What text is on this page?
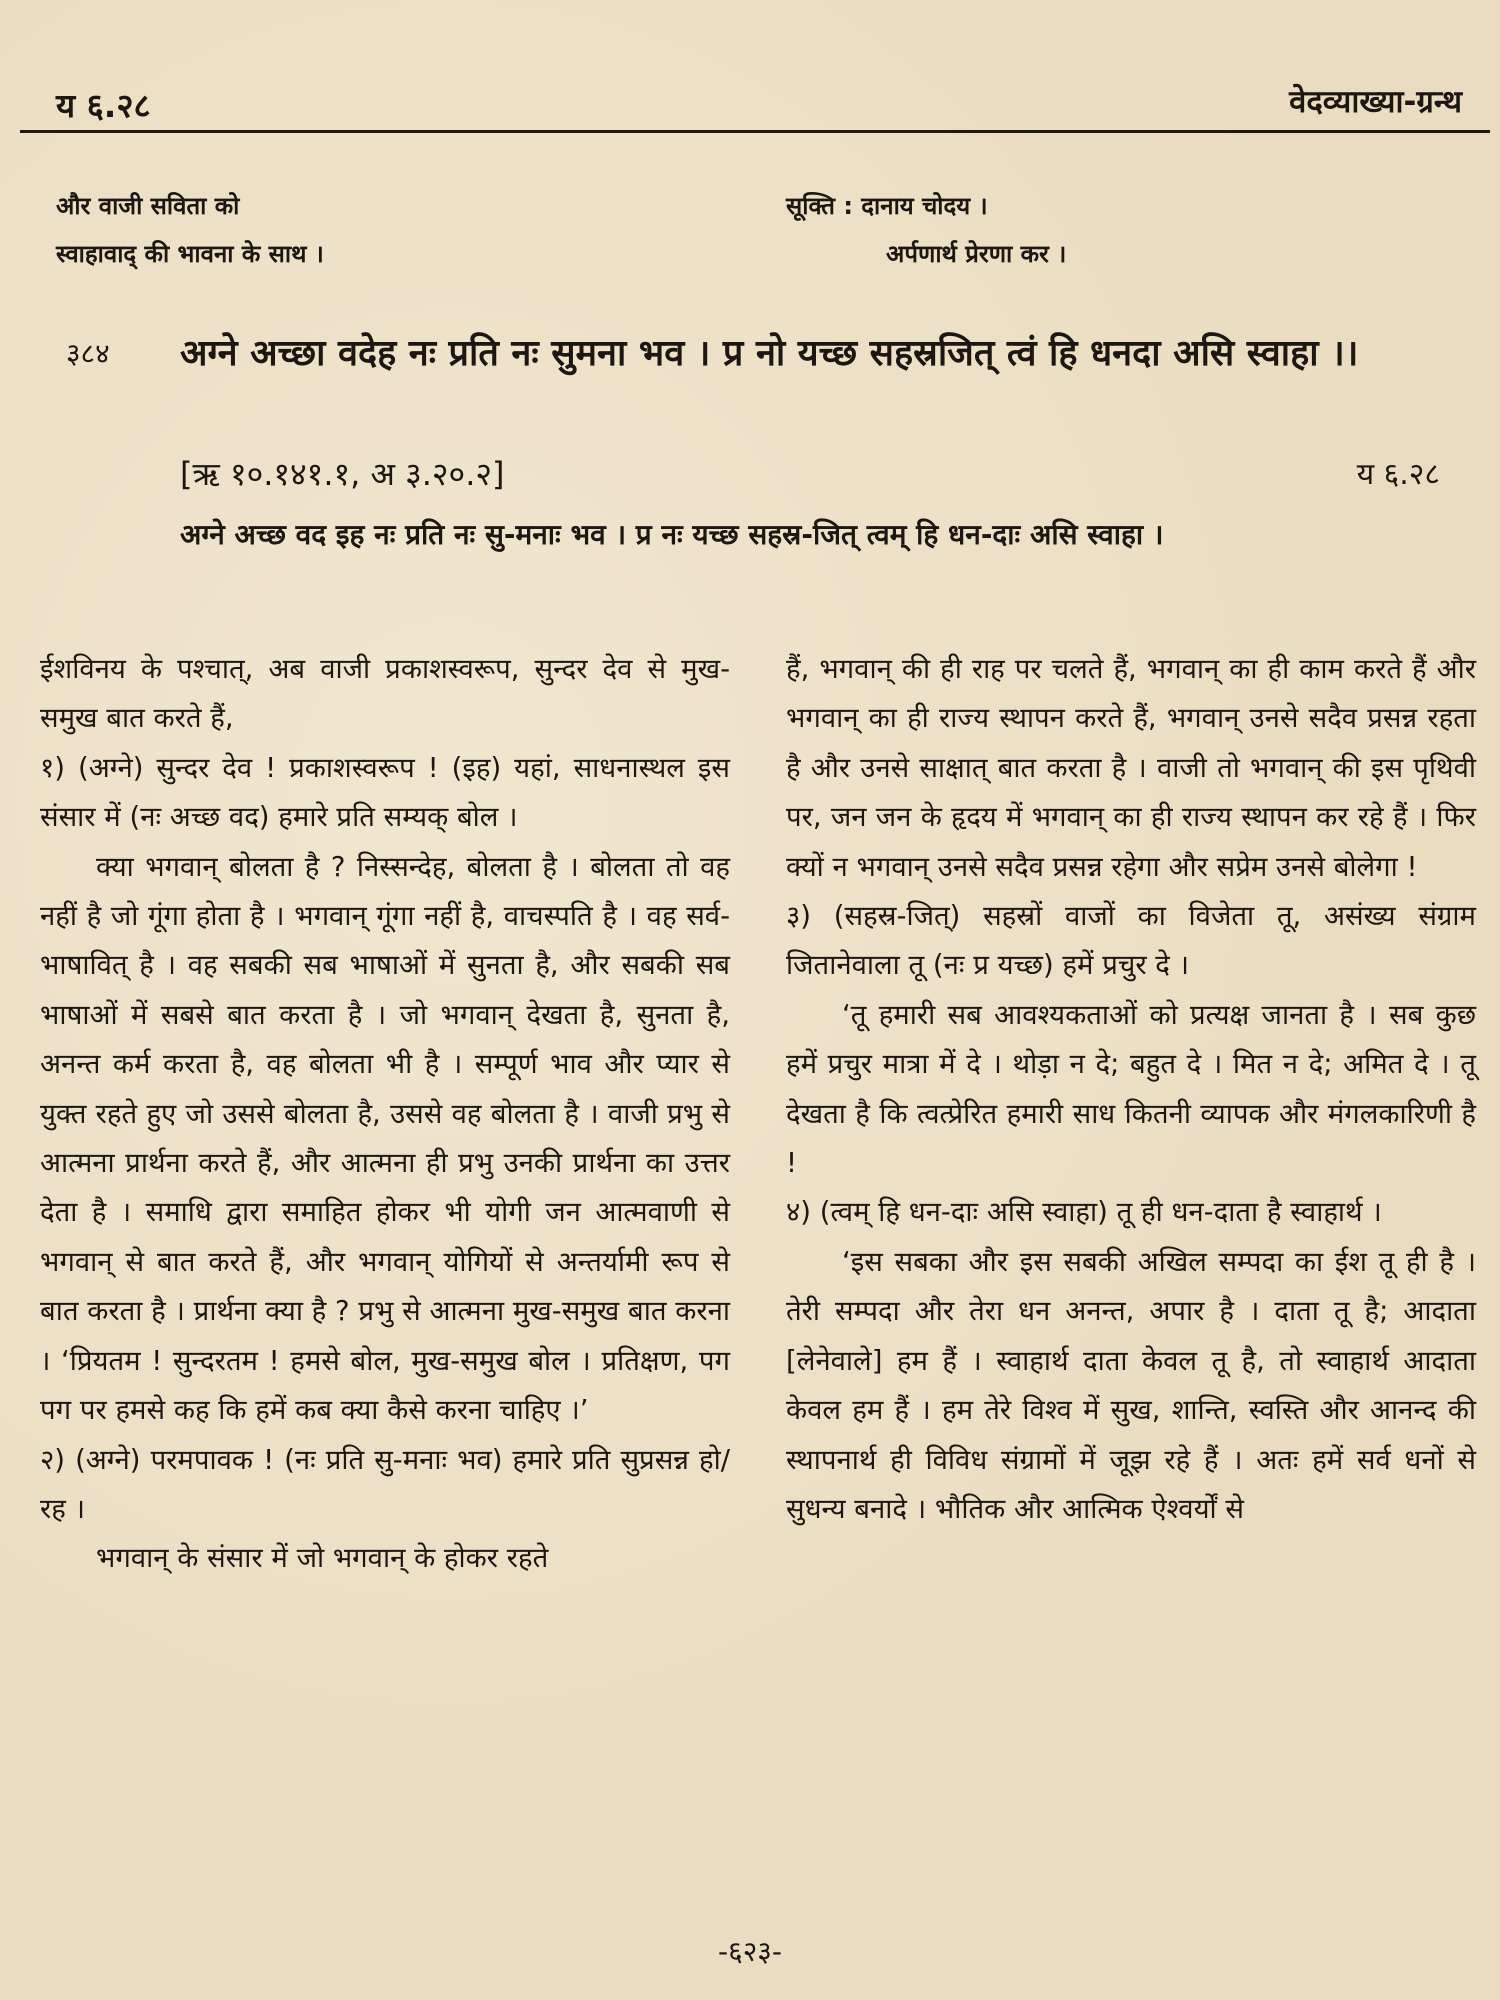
य ६.२८	वेदव्याख्या-ग्रन्थ
और वाजी सविता को
स्वाहावाद् की भावना के साथ ।
सूक्ति : दानाय चोदय ।
अर्पणार्थ प्रेरणा कर ।
३८४ अग्ने अच्छा वदेह नः प्रति नः सुमना भव । प्र नो यच्छ सहस्रजित् त्वं हि धनदा असि स्वाहा ।।
[ऋ १०.१४१.१, अ ३.२०.२]	य ६.२८
अग्ने अच्छ वद इह नः प्रति नः सु-मनाः भव । प्र नः यच्छ सहस्र-जित् त्वम् हि धन-दाः असि स्वाहा ।

ईशविनय के पश्चात्, अब वाजी प्रकाशस्वरूप, सुन्दर देव से मुख-समुख बात करते हैं,

१) (अग्ने) सुन्दर देव ! प्रकाशस्वरूप ! (इह) यहां, साधनास्थल इस संसार में (नः अच्छ वद) हमारे प्रति सम्यक् बोल ।

क्या भगवान् बोलता है ? निस्सन्देह, बोलता है । बोलता तो वह नहीं है जो गूंगा होता है । भगवान् गूंगा नहीं है, वाचस्पति है । वह सर्व-भाषावित् है । वह सबकी सब भाषाओं में सुनता है, और सबकी सब भाषाओं में सबसे बात करता है । जो भगवान् देखता है, सुनता है, अनन्त कर्म करता है, वह बोलता भी है । सम्पूर्ण भाव और प्यार से युक्त रहते हुए जो उससे बोलता है, उससे वह बोलता है । वाजी प्रभु से आत्मना प्रार्थना करते हैं, और आत्मना ही प्रभु उनकी प्रार्थना का उत्तर देता है । समाधि द्वारा समाहित होकर भी योगी जन आत्मवाणी से भगवान् से बात करते हैं, और भगवान् योगियों से अन्तर्यामी रूप से बात करता है । प्रार्थना क्या है ? प्रभु से आत्मना मुख-समुख बात करना । ‘प्रियतम ! सुन्दरतम ! हमसे बोल, मुख-समुख बोल । प्रतिक्षण, पग पग पर हमसे कह कि हमें कब क्या कैसे करना चाहिए ।’

२) (अग्ने) परमपावक ! (नः प्रति सु-मनाः भव) हमारे प्रति सुप्रसन्न हो/रह ।

भगवान् के संसार में जो भगवान् के होकर रहते

हैं, भगवान् की ही राह पर चलते हैं, भगवान् का ही काम करते हैं और भगवान् का ही राज्य स्थापन करते हैं, भगवान् उनसे सदैव प्रसन्न रहता है और उनसे साक्षात् बात करता है । वाजी तो भगवान् की इस पृथिवी पर, जन जन के हृदय में भगवान् का ही राज्य स्थापन कर रहे हैं । फिर क्यों न भगवान् उनसे सदैव प्रसन्न रहेगा और सप्रेम उनसे बोलेगा !

३) (सहस्र-जित्) सहस्रों वाजों का विजेता तू, असंख्य संग्राम जितानेवाला तू (नः प्र यच्छ) हमें प्रचुर दे ।

‘तू हमारी सब आवश्यकताओं को प्रत्यक्ष जानता है । सब कुछ हमें प्रचुर मात्रा में दे । थोड़ा न दे; बहुत दे । मित न दे; अमित दे । तू देखता है कि त्वत्प्रेरित हमारी साध कितनी व्यापक और मंगलकारिणी है !

४) (त्वम् हि धन-दाः असि स्वाहा) तू ही धन-दाता है स्वाहार्थ ।

‘इस सबका और इस सबकी अखिल सम्पदा का ईश तू ही है । तेरी सम्पदा और तेरा धन अनन्त, अपार है । दाता तू है; आदाता [लेनेवाले] हम हैं । स्वाहार्थ दाता केवल तू है, तो स्वाहार्थ आदाता केवल हम हैं । हम तेरे विश्व में सुख, शान्ति, स्वस्ति और आनन्द की स्थापनार्थ ही विविध संग्रामों में जूझ रहे हैं । अतः हमें सर्व धनों से सुधन्य बनादे । भौतिक और आत्मिक ऐश्वर्यों से

-६२३-
